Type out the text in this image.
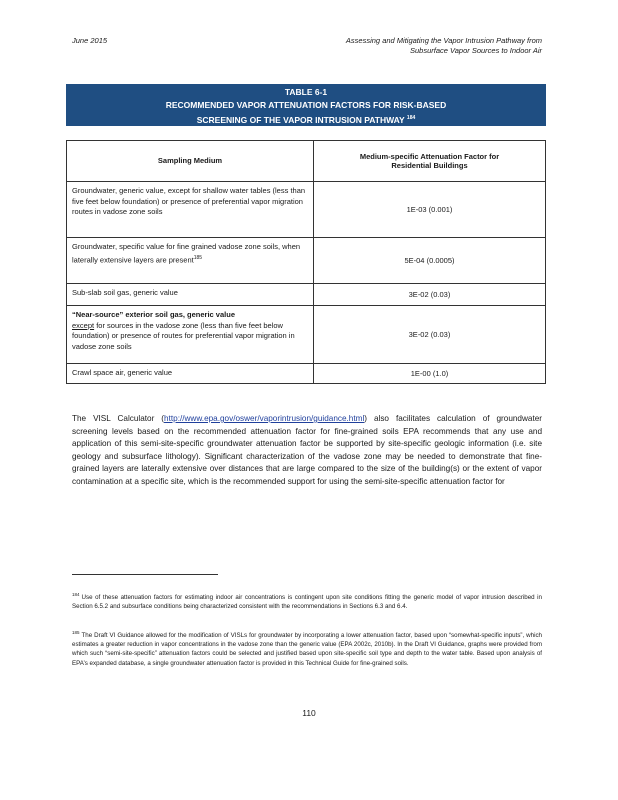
June 2015	Assessing and Mitigating the Vapor Intrusion Pathway from
Subsurface Vapor Sources to Indoor Air
TABLE 6-1
RECOMMENDED VAPOR ATTENUATION FACTORS FOR RISK-BASED
SCREENING OF THE VAPOR INTRUSION PATHWAY $^{184}$
Sampling Medium	Medium-specific Attenuation Factor for
Residential Buildings

Groundwater, generic value, except for shallow water tables (less than five feet below foundation) or presence of preferential vapor migration routes in vadose zone soils	1E-03 (0.001)
Groundwater, specific value for fine grained vadose zone soils, when laterally extensive layers are present$^{185}$	5E-04 (0.0005)
Sub-slab soil gas, generic value	3E-02 (0.03)
“Near-source” exterior soil gas, generic value
except for sources in the vadose zone (less than five feet below foundation) or presence of routes for preferential vapor migration in vadose zone soils	3E-02 (0.03)
Crawl space air, generic value	1E-00 (1.0)
The VISL Calculator (http://www.epa.gov/oswer/vaporintrusion/guidance.html) also facilitates calculation of groundwater screening levels based on the recommended attenuation factor for fine-grained soils EPA recommends that any use and application of this semi-site-specific groundwater attenuation factor be supported by site-specific geologic information (i.e. site geology and subsurface lithology). Significant characterization of the vadose zone may be needed to demonstrate that fine-grained layers are laterally extensive over distances that are large compared to the size of the building(s) or the extent of vapor contamination at a specific site, which is the recommended support for using the semi-site-specific attenuation factor for
$^{184}$ Use of these attenuation factors for estimating indoor air concentrations is contingent upon site conditions fitting the generic model of vapor intrusion described in Section 6.5.2 and subsurface conditions being characterized consistent with the recommendations in Sections 6.3 and 6.4.
$^{185}$ The Draft VI Guidance allowed for the modification of VISLs for groundwater by incorporating a lower attenuation factor, based upon “somewhat-specific inputs”, which estimates a greater reduction in vapor concentrations in the vadose zone than the generic value (EPA 2002c, 2010b). In the Draft VI Guidance, graphs were provided from which such “semi-site-specific” attenuation factors could be selected and justified based upon site-specific soil type and depth to the water table. Based upon analysis of EPA’s expanded database, a single groundwater attenuation factor is provided in this Technical Guide for fine-grained soils.
110
